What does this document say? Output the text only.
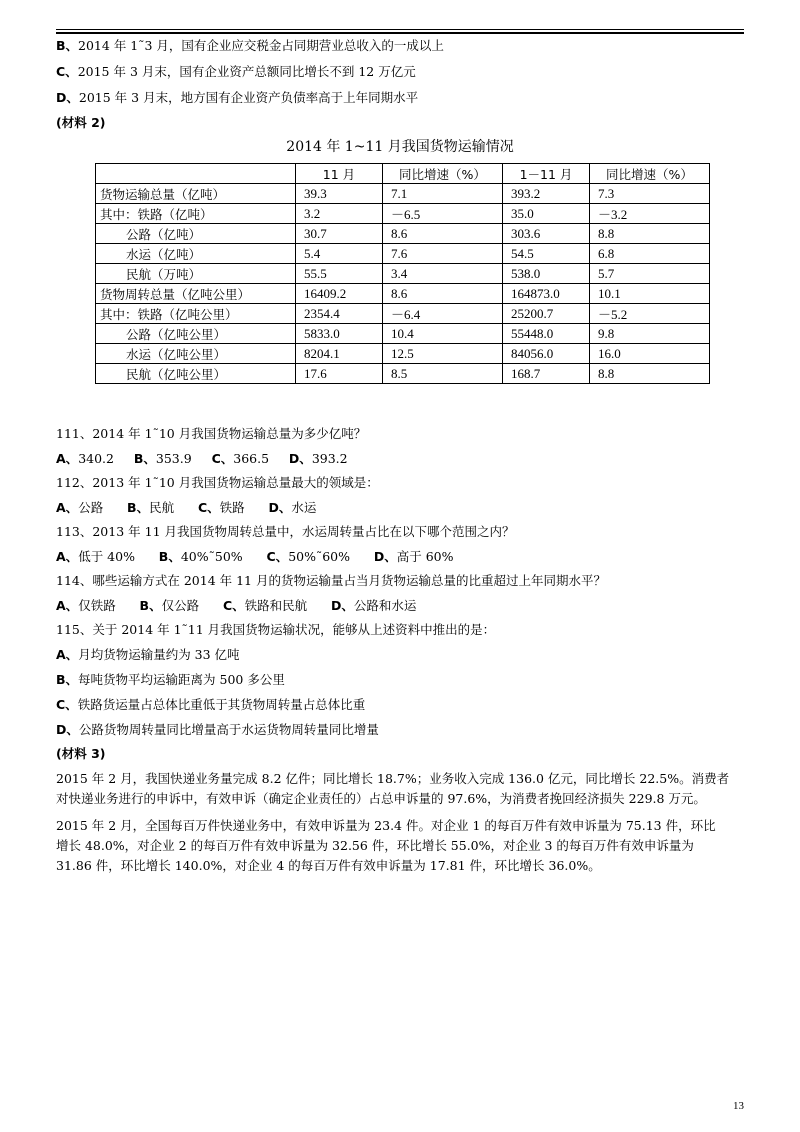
B、2014 年 1˜3 月，国有企业应交税金占同期营业总收入的一成以上
C、2015 年 3 月末，国有企业资产总额同比增长不到 12 万亿元
D、2015 年 3 月末，地方国有企业资产负债率高于上年同期水平
(材料 2)
2014 年 1~11 月我国货物运输情况
	11 月	同比增速（%）	1－11 月	同比增速（%）
货物运输总量（亿吨）	39.3	7.1	393.2	7.3
其中：铁路（亿吨）	3.2	－6.5	35.0	－3.2
公路（亿吨）	30.7	8.6	303.6	8.8
水运（亿吨）	5.4	7.6	54.5	6.8
民航（万吨）	55.5	3.4	538.0	5.7
货物周转总量（亿吨公里）	16409.2	8.6	164873.0	10.1
其中：铁路（亿吨公里）	2354.4	－6.4	25200.7	－5.2
公路（亿吨公里）	5833.0	10.4	55448.0	9.8
水运（亿吨公里）	8204.1	12.5	84056.0	16.0
民航（亿吨公里）	17.6	8.5	168.7	8.8
111、2014 年 1˜10 月我国货物运输总量为多少亿吨？
A、340.2 B、353.9 C、366.5 D、393.2
112、2013 年 1˜10 月我国货物运输总量最大的领域是：
A、公路 B、民航 C、铁路 D、水运
113、2013 年 11 月我国货物周转总量中，水运周转量占比在以下哪个范围之内？
A、低于 40% B、40%˜50% C、50%˜60% D、高于 60%
114、哪些运输方式在 2014 年 11 月的货物运输量占当月货物运输总量的比重超过上年同期水平？
A、仅铁路 B、仅公路 C、铁路和民航 D、公路和水运
115、关于 2014 年 1˜11 月我国货物运输状况，能够从上述资料中推出的是：
A、月均货物运输量约为 33 亿吨
B、每吨货物平均运输距离为 500 多公里
C、铁路货运量占总体比重低于其货物周转量占总体比重
D、公路货物周转量同比增量高于水运货物周转量同比增量
(材料 3)
2015 年 2 月，我国快递业务量完成 8.2 亿件；同比增长 18.7%；业务收入完成 136.0 亿元，同比增长 22.5%。消费者
对快递业务进行的申诉中，有效申诉（确定企业责任的）占总申诉量的 97.6%，为消费者挽回经济损失 229.8 万元。
2015 年 2 月，全国每百万件快递业务中，有效申诉量为 23.4 件。对企业 1 的每百万件有效申诉量为 75.13 件，环比
增长 48.0%，对企业 2 的每百万件有效申诉量为 32.56 件，环比增长 55.0%，对企业 3 的每百万件有效申诉量为
31.86 件，环比增长 140.0%，对企业 4 的每百万件有效申诉量为 17.81 件，环比增长 36.0%。
13
